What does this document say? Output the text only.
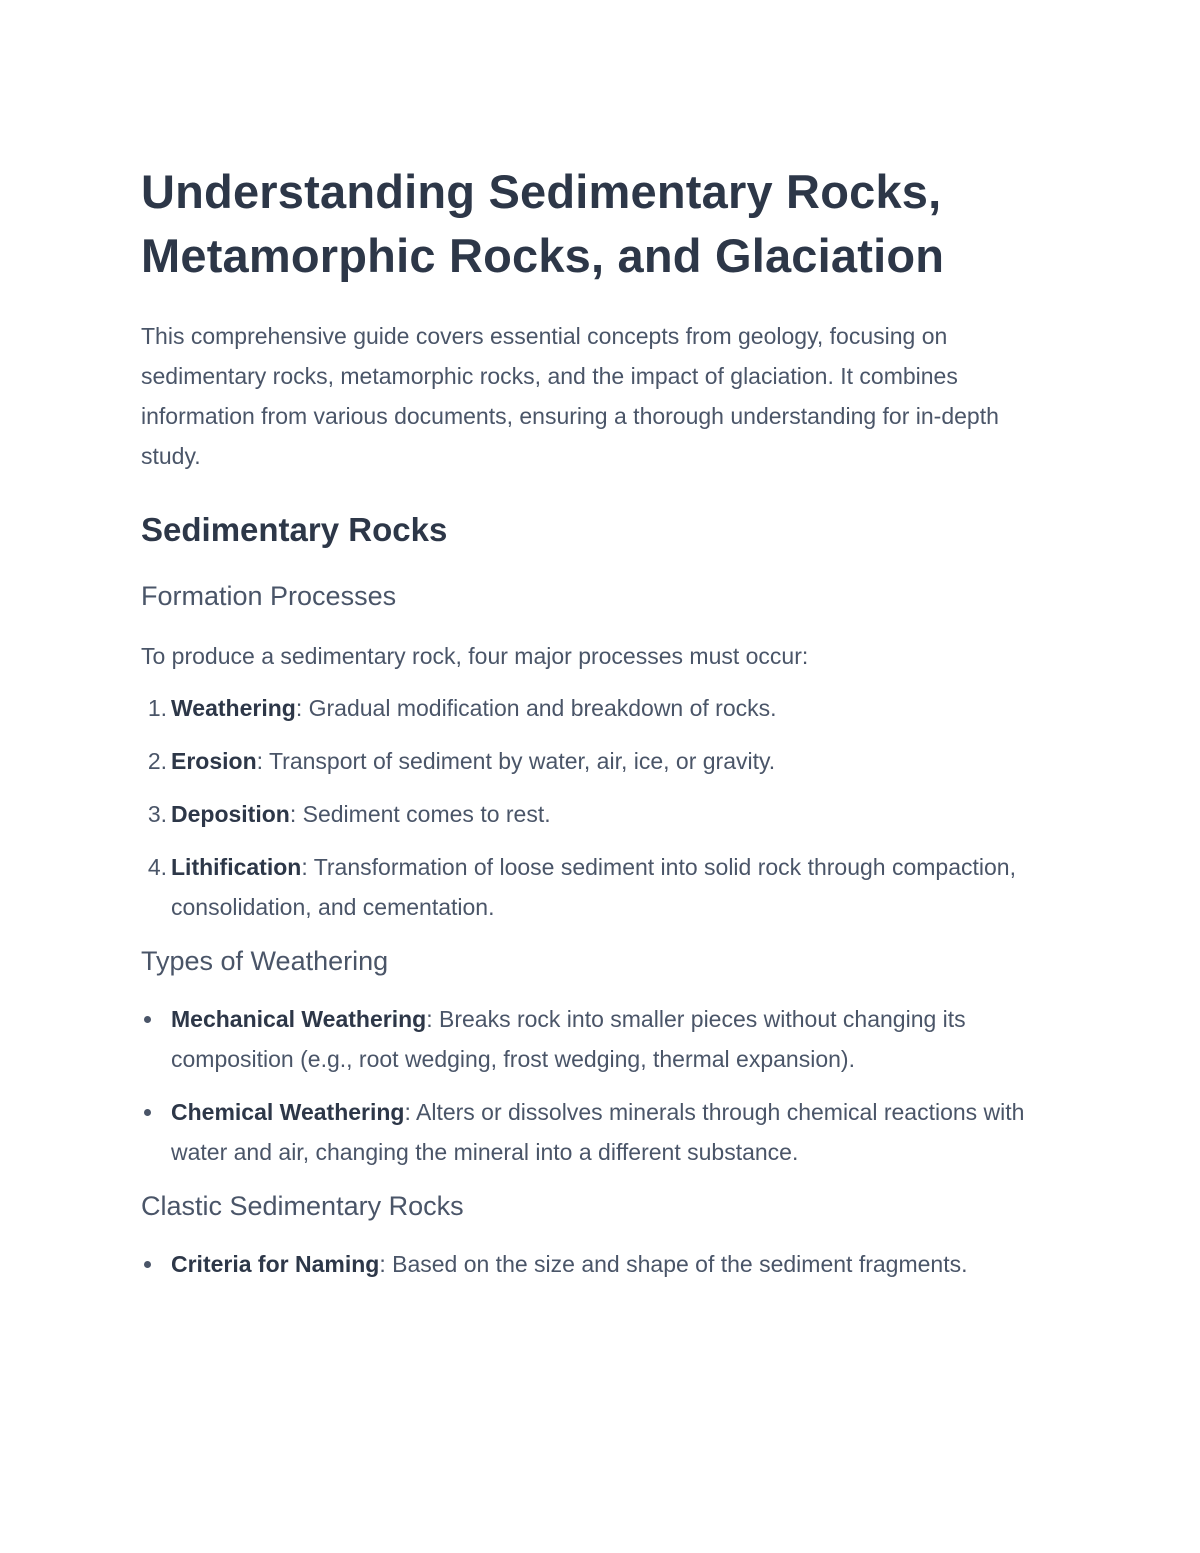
Understanding Sedimentary Rocks, Metamorphic Rocks, and Glaciation

This comprehensive guide covers essential concepts from geology, focusing on sedimentary rocks, metamorphic rocks, and the impact of glaciation. It combines information from various documents, ensuring a thorough understanding for in-depth study.

Sedimentary Rocks
Formation Processes

To produce a sedimentary rock, four major processes must occur:

1. Weathering: Gradual modification and breakdown of rocks.
2. Erosion: Transport of sediment by water, air, ice, or gravity.
3. Deposition: Sediment comes to rest.
4. Lithification: Transformation of loose sediment into solid rock through compaction, consolidation, and cementation.
Types of Weathering
Mechanical Weathering: Breaks rock into smaller pieces without changing its composition (e.g., root wedging, frost wedging, thermal expansion).
Chemical Weathering: Alters or dissolves minerals through chemical reactions with water and air, changing the mineral into a different substance.
Clastic Sedimentary Rocks
Criteria for Naming: Based on the size and shape of the sediment fragments.
